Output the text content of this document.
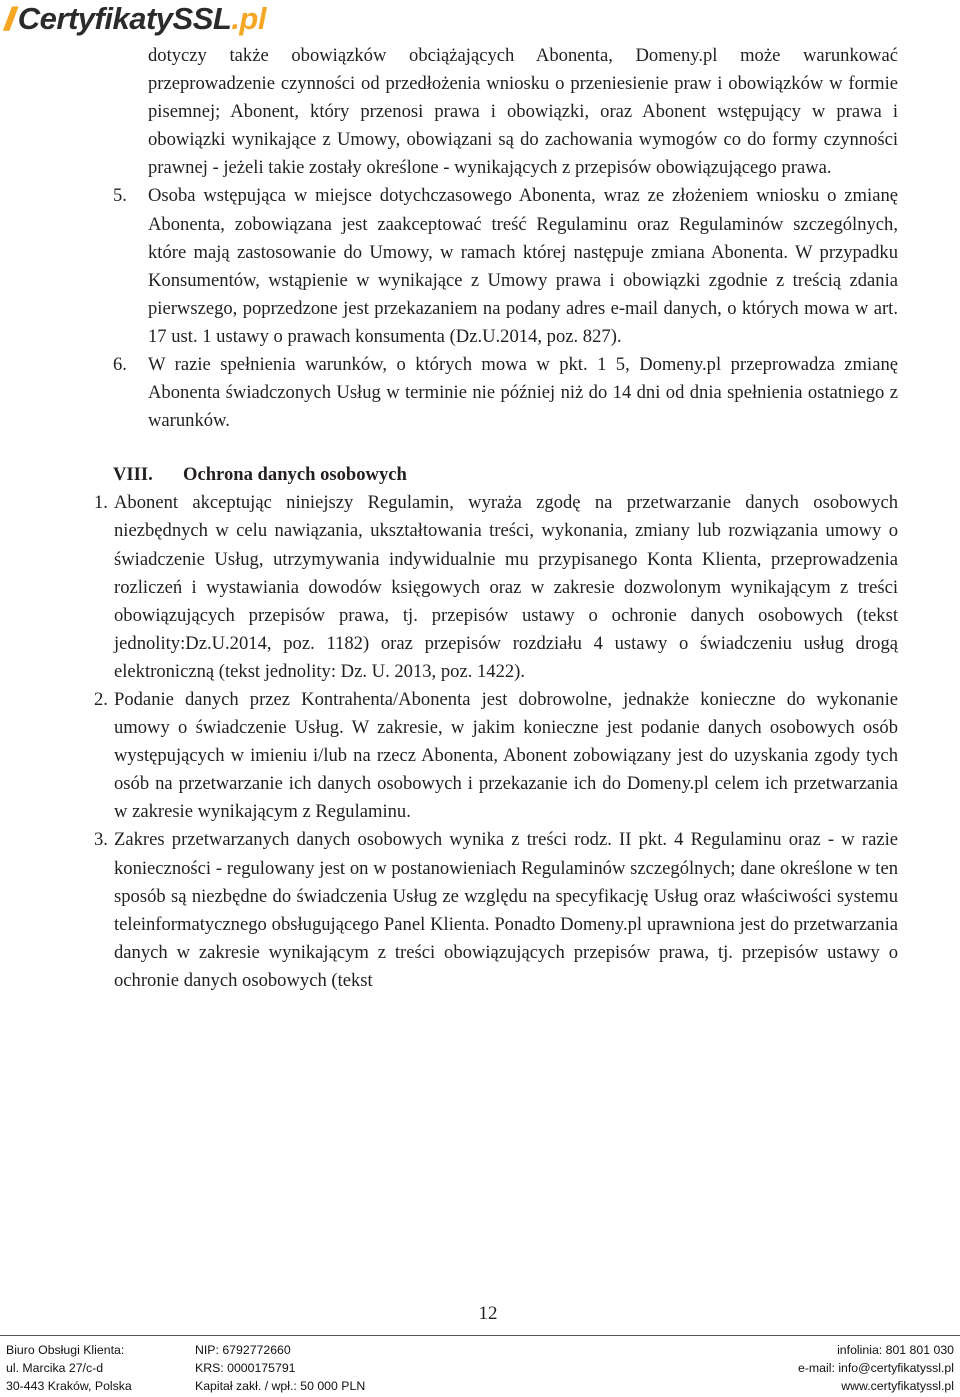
// CertyfikatySSL.pl

dotyczy także obowiązków obciążających Abonenta, Domeny.pl może warunkować przeprowadzenie czynności od przedłożenia wniosku o przeniesienie praw i obowiązków w formie pisemnej; Abonent, który przenosi prawa i obowiązki, oraz Abonent wstępujący w prawa i obowiązki wynikające z Umowy, obowiązani są do zachowania wymogów co do formy czynności prawnej - jeżeli takie zostały określone - wynikających z przepisów obowiązującego prawa.

5. Osoba wstępująca w miejsce dotychczasowego Abonenta, wraz ze złożeniem wniosku o zmianę Abonenta, zobowiązana jest zaakceptować treść Regulaminu oraz Regulaminów szczególnych, które mają zastosowanie do Umowy, w ramach której następuje zmiana Abonenta. W przypadku Konsumentów, wstąpienie w wynikające z Umowy prawa i obowiązki zgodnie z treścią zdania pierwszego, poprzedzone jest przekazaniem na podany adres e-mail danych, o których mowa w art. 17 ust. 1 ustawy o prawach konsumenta (Dz.U.2014, poz. 827).

6. W razie spełnienia warunków, o których mowa w pkt. 1 5, Domeny.pl przeprowadza zmianę Abonenta świadczonych Usług w terminie nie później niż do 14 dni od dnia spełnienia ostatniego z warunków.

VIII.	Ochrona danych osobowych
1. Abonent akceptując niniejszy Regulamin, wyraża zgodę na przetwarzanie danych osobowych niezbędnych w celu nawiązania, ukształtowania treści, wykonania, zmiany lub rozwiązania umowy o świadczenie Usług, utrzymywania indywidualnie mu przypisanego Konta Klienta, przeprowadzenia rozliczeń i wystawiania dowodów księgowych oraz w zakresie dozwolonym wynikającym z treści obowiązujących przepisów prawa, tj. przepisów ustawy o ochronie danych osobowych (tekst jednolity:Dz.U.2014, poz. 1182) oraz przepisów rozdziału 4 ustawy o świadczeniu usług drogą elektroniczną (tekst jednolity: Dz. U. 2013, poz. 1422).

2. Podanie danych przez Kontrahenta/Abonenta jest dobrowolne, jednakże konieczne do wykonanie umowy o świadczenie Usług. W zakresie, w jakim konieczne jest podanie danych osobowych osób występujących w imieniu i/lub na rzecz Abonenta, Abonent zobowiązany jest do uzyskania zgody tych osób na przetwarzanie ich danych osobowych i przekazanie ich do Domeny.pl celem ich przetwarzania w zakresie wynikającym z Regulaminu.

3. Zakres przetwarzanych danych osobowych wynika z treści rodz. II pkt. 4 Regulaminu oraz - w razie konieczności - regulowany jest on w postanowieniach Regulaminów szczególnych; dane określone w ten sposób są niezbędne do świadczenia Usług ze względu na specyfikację Usług oraz właściwości systemu teleinformatycznego obsługującego Panel Klienta. Ponadto Domeny.pl uprawniona jest do przetwarzania danych w zakresie wynikającym z treści obowiązujących przepisów prawa, tj. przepisów ustawy o ochronie danych osobowych (tekst

12
Biuro Obsługi Klienta:
ul. Marcika 27/c-d
30-443 Kraków, Polska
NIP: 6792772660
KRS: 0000175791
Kapitał zakł. / wpł.: 50 000 PLN
infolinia: 801 801 030
e-mail: info@certyfikatyssl.pl
www.certyfikatyssl.pl
